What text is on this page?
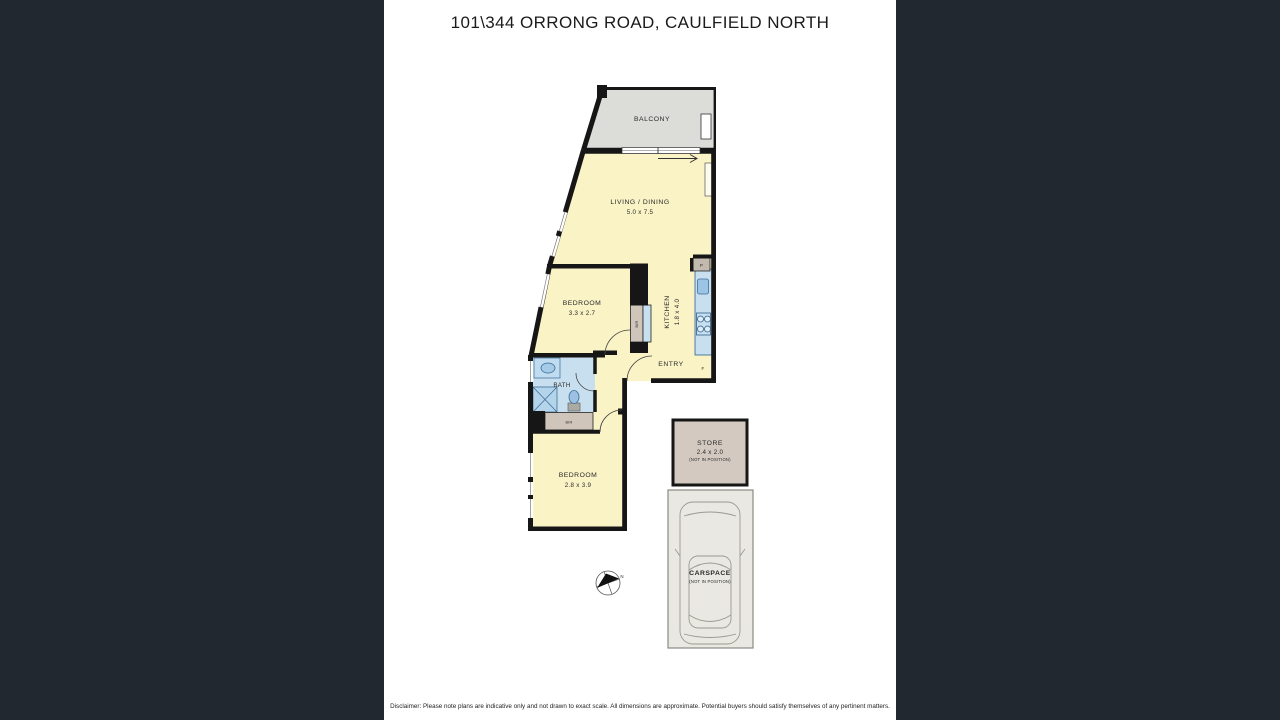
101\344 ORRONG ROAD, CAULFIELD NORTH
STORE
2.4 x 2.0
(NOT IN POSITION)
CARSPACE
(NOT IN POSITION)
P
F
BIR
BIR
BALCONY
LIVING / DINING
5.0 x 7.5
BEDROOM
3.3 x 2.7	KITCHEN 1.8 x 4.0
ENTRY
BATH
BEDROOM
2.8 x 3.9
N
Disclaimer: Please note plans are indicative only and not drawn to exact scale. All dimensions are approximate. Potential buyers should satisfy themselves of any pertinent matters.
